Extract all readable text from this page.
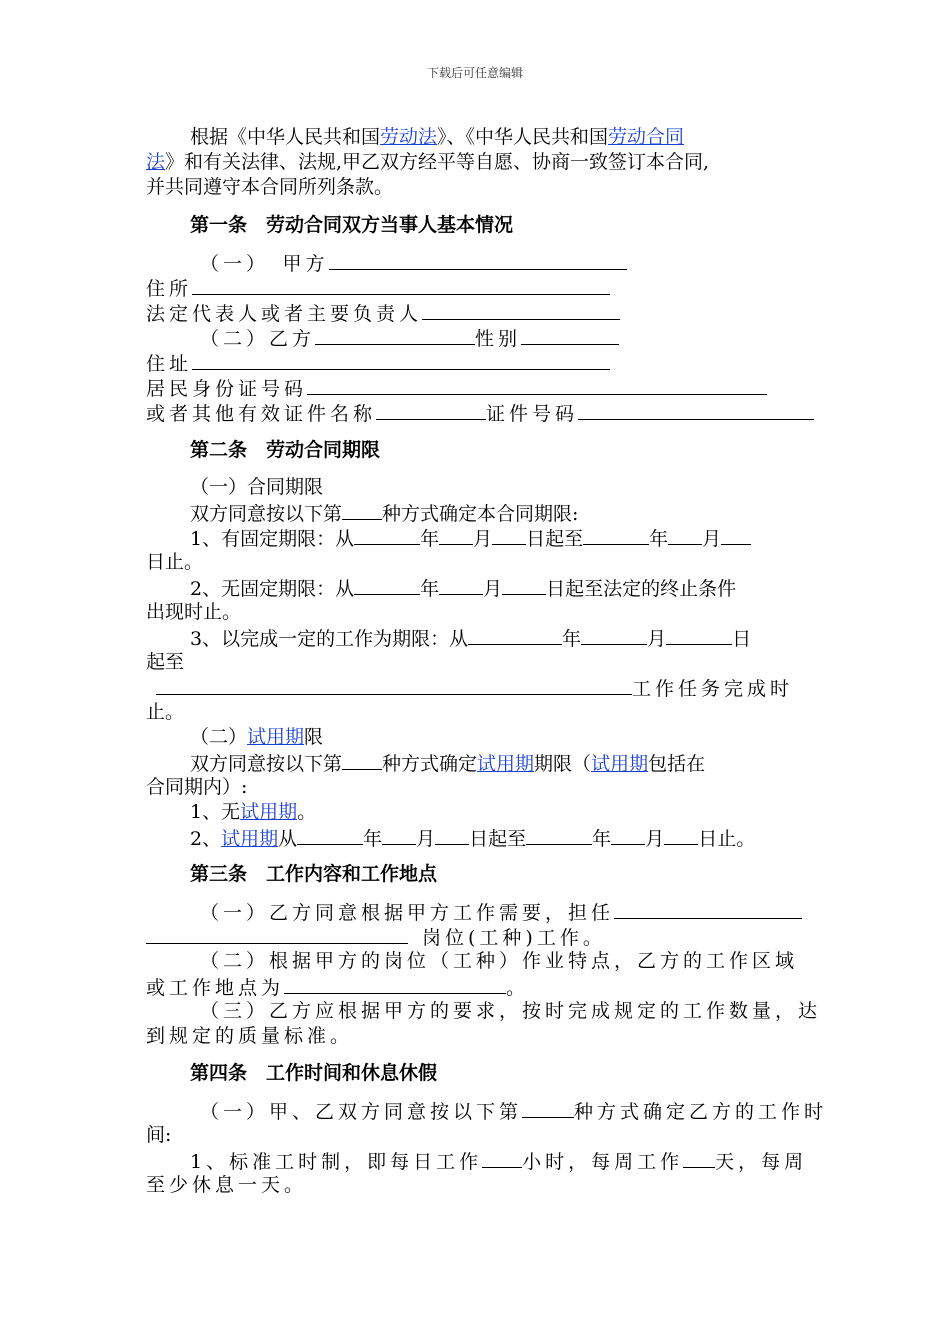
下载后可任意编辑
根据《中华人民共和国劳动法》、《中华人民共和国劳动合同
法》和有关法律、法规,甲乙双方经平等自愿、协商一致签订本合同,
并共同遵守本合同所列条款。
第一条　劳动合同双方当事人基本情况
（一）　甲方
住所
法定代表人或者主要负责人
（二）乙方	性别
住址
居民身份证号码
或者其他有效证件名称	证件号码
第二条　劳动合同期限
（一）合同期限
双方同意按以下第 种方式确定本合同期限:
1、有固定期限：从	年 月 日起至	年 月
日止。
2、无固定期限：从	年 月 日起至法定的终止条件
出现时止。
3、以完成一定的工作为期限：从	年	月	日
起至
工作任务完成时
止。
（二）试用期限
双方同意按以下第 种方式确定试用期期限（试用期包括在
合同期内）:
1、无试用期。
2、试用期从	年 月 日起至	年 月 日止。
第三条　工作内容和工作地点
（一）乙方同意根据甲方工作需要，担任
岗位(工种)工作。
（二）根据甲方的岗位（工种）作业特点，乙方的工作区域
或工作地点为	。
（三）乙方应根据甲方的要求，按时完成规定的工作数量，达
到规定的质量标准。
第四条　工作时间和休息休假
（一）甲、乙双方同意按以下第	种方式确定乙方的工作时
间:
1、标准工时制，即每日工作 小时，每周工作 天，每周
至少休息一天。
